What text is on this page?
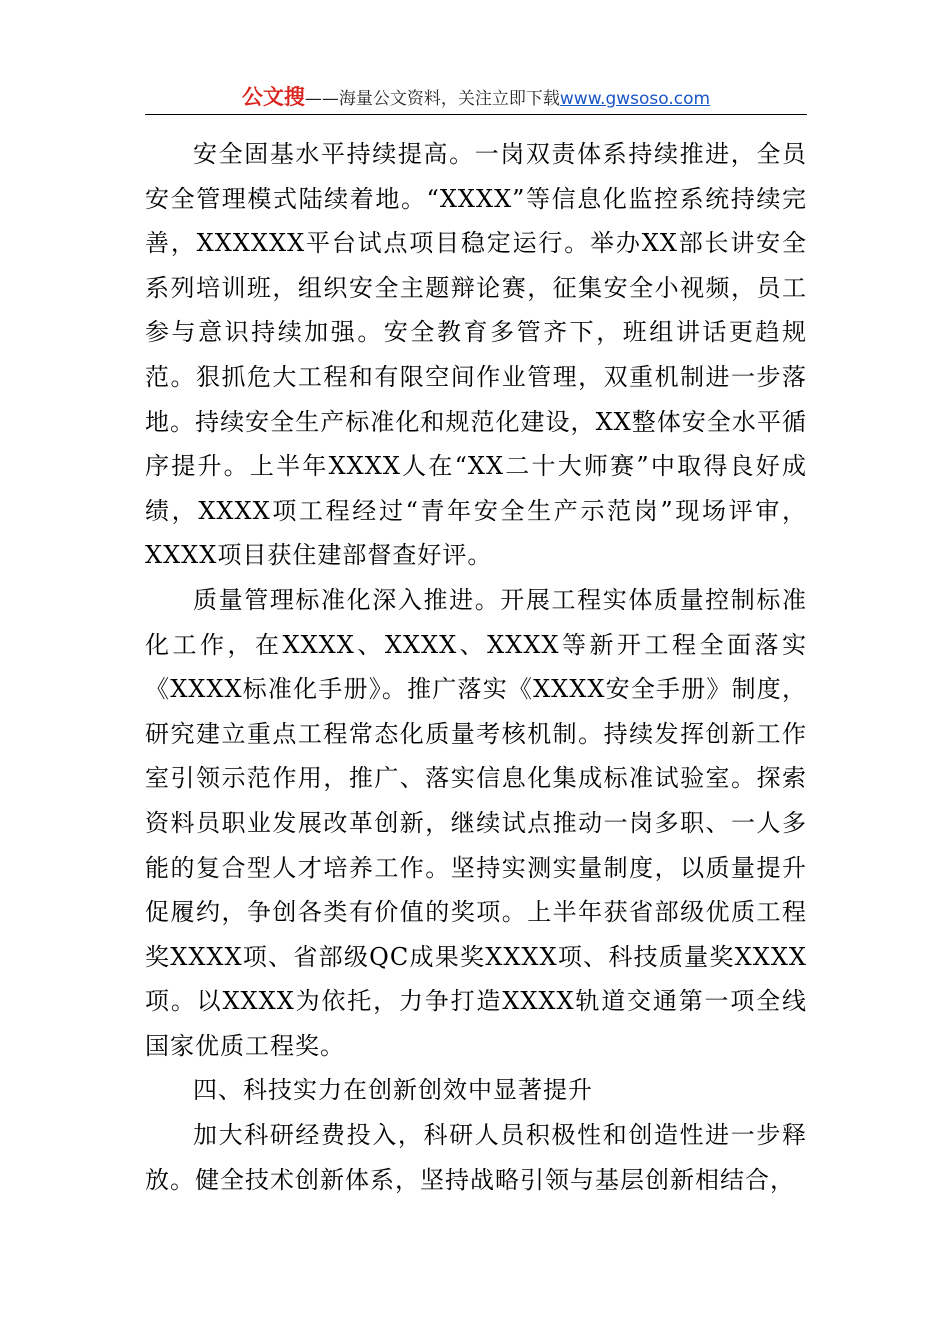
公文搜——海量公文资料，关注立即下载www.gwsoso.com

安全固基水平持续提高。一岗双责体系持续推进，全员安全管理模式陆续着地。“XXXX”等信息化监控系统持续完善，XXXXXX平台试点项目稳定运行。举办XX部长讲安全系列培训班，组织安全主题辩论赛，征集安全小视频，员工参与意识持续加强。安全教育多管齐下，班组讲话更趋规范。狠抓危大工程和有限空间作业管理，双重机制进一步落地。持续安全生产标准化和规范化建设，XX整体安全水平循序提升。上半年XXXX人在“XX二十大师赛”中取得良好成绩，XXXX项工程经过“青年安全生产示范岗”现场评审，XXXX项目获住建部督查好评。

质量管理标准化深入推进。开展工程实体质量控制标准化工作，在XXXX、XXXX、XXXX等新开工程全面落实《XXXX标准化手册》。推广落实《XXXX安全手册》制度，研究建立重点工程常态化质量考核机制。持续发挥创新工作室引领示范作用，推广、落实信息化集成标准试验室。探索资料员职业发展改革创新，继续试点推动一岗多职、一人多能的复合型人才培养工作。坚持实测实量制度，以质量提升促履约，争创各类有价值的奖项。上半年获省部级优质工程奖XXXX项、省部级QC成果奖XXXX项、科技质量奖XXXX项。以XXXX为依托，力争打造XXXX轨道交通第一项全线国家优质工程奖。

四、科技实力在创新创效中显著提升

加大科研经费投入，科研人员积极性和创造性进一步释放。健全技术创新体系，坚持战略引领与基层创新相结合，
